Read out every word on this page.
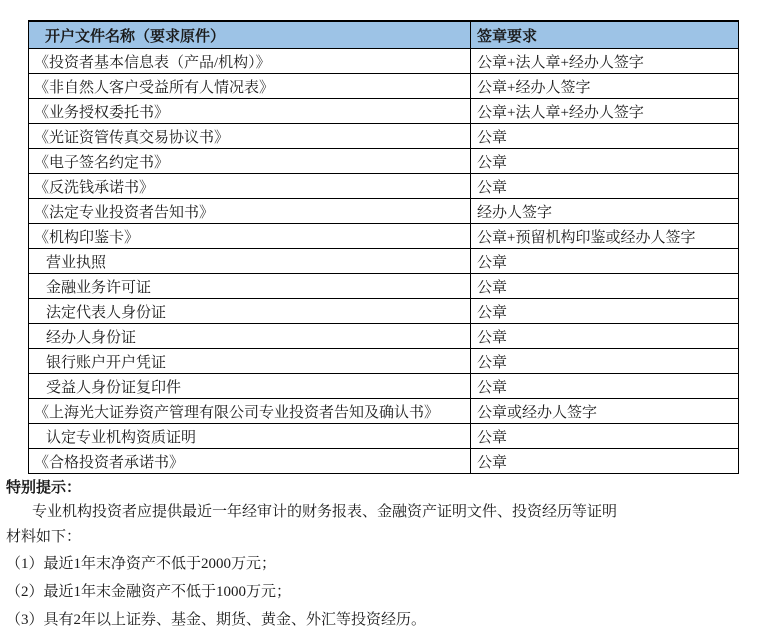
开户文件名称（要求原件）	签章要求
《投资者基本信息表（产品/机构）》	公章+法人章+经办人签字
《非自然人客户受益所有人情况表》	公章+经办人签字
《业务授权委托书》	公章+法人章+经办人签字
《光证资管传真交易协议书》	公章
《电子签名约定书》	公章
《反洗钱承诺书》	公章
《法定专业投资者告知书》	经办人签字
《机构印鉴卡》	公章+预留机构印鉴或经办人签字
营业执照	公章
金融业务许可证	公章
法定代表人身份证	公章
经办人身份证	公章
银行账户开户凭证	公章
受益人身份证复印件	公章
《上海光大证券资产管理有限公司专业投资者告知及确认书》	公章或经办人签字
认定专业机构资质证明	公章
《合格投资者承诺书》	公章
特别提示：
专业机构投资者应提供最近一年经审计的财务报表、金融资产证明文件、投资经历等证明
材料如下：
（1）最近1年末净资产不低于2000万元；
（2）最近1年末金融资产不低于1000万元；
（3）具有2年以上证券、基金、期货、黄金、外汇等投资经历。
